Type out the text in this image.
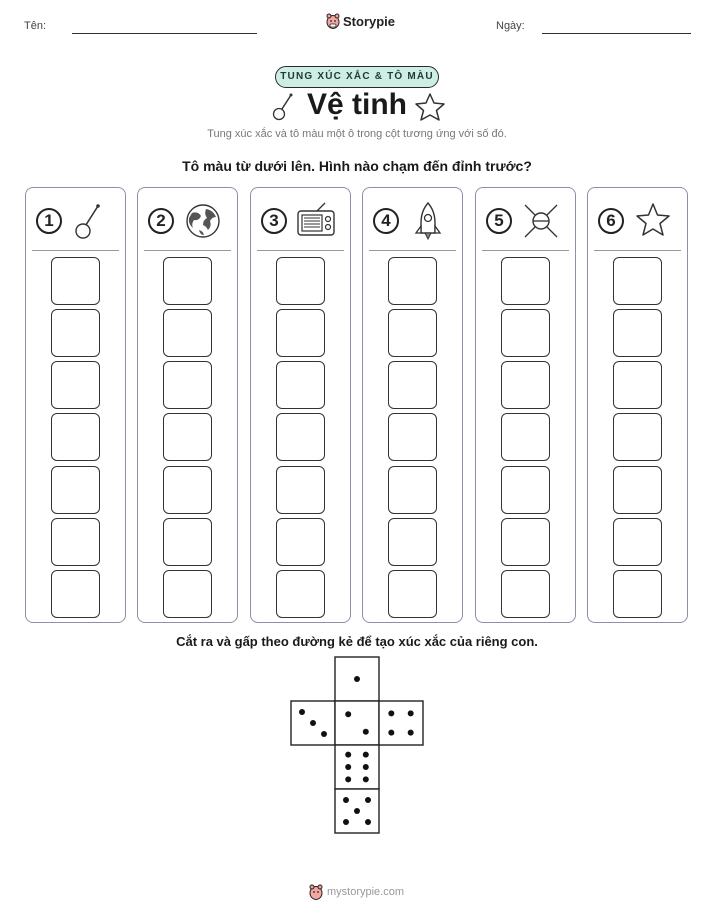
Tên:	Storypie	Ngày:
TUNG XÚC XẮC & TÔ MÀU
Vệ tinh
Tung xúc xắc và tô màu một ô trong cột tương ứng với số đó.
Tô màu từ dưới lên. Hình nào chạm đến đỉnh trước?
1	2	3	4	5	6
Cắt ra và gấp theo đường kẻ để tạo xúc xắc của riêng con.
mystorypie.com
